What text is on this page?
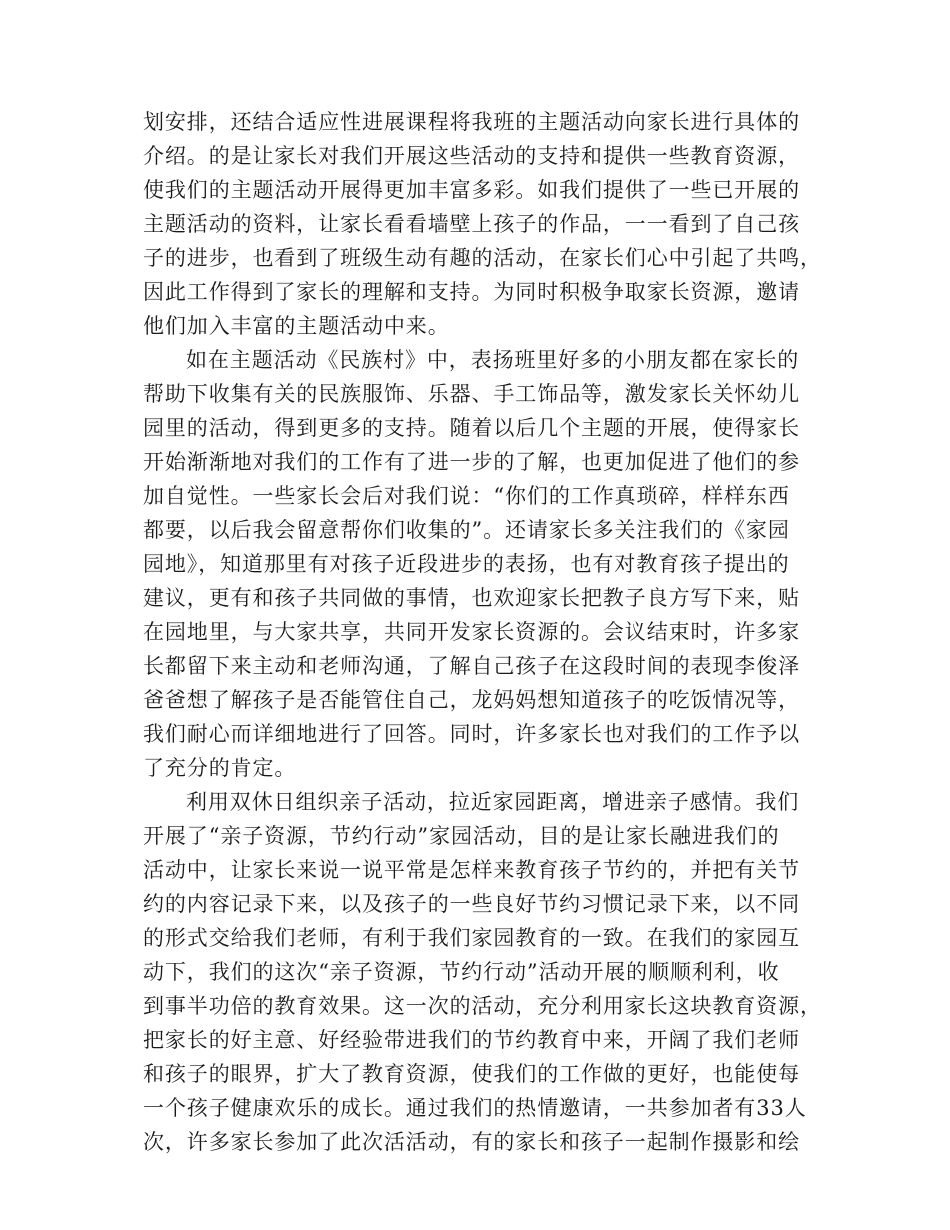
划安排，还结合适应性进展课程将我班的主题活动向家长进行具体的

介绍。的是让家长对我们开展这些活动的支持和提供一些教育资源，

使我们的主题活动开展得更加丰富多彩。如我们提供了一些已开展的

主题活动的资料，让家长看看墙壁上孩子的作品，一一看到了自己孩

子的进步，也看到了班级生动有趣的活动，在家长们心中引起了共鸣，

因此工作得到了家长的理解和支持。为同时积极争取家长资源，邀请

他们加入丰富的主题活动中来。

如在主题活动《民族村》中，表扬班里好多的小朋友都在家长的

帮助下收集有关的民族服饰、乐器、手工饰品等，激发家长关怀幼儿

园里的活动，得到更多的支持。随着以后几个主题的开展，使得家长

开始渐渐地对我们的工作有了进一步的了解，也更加促进了他们的参

加自觉性。一些家长会后对我们说：“你们的工作真琐碎，样样东西

都要，以后我会留意帮你们收集的”。还请家长多关注我们的《家园

园地》，知道那里有对孩子近段进步的表扬，也有对教育孩子提出的

建议，更有和孩子共同做的事情，也欢迎家长把教子良方写下来，贴

在园地里，与大家共享，共同开发家长资源的。会议结束时，许多家

长都留下来主动和老师沟通，了解自己孩子在这段时间的表现李俊泽

爸爸想了解孩子是否能管住自己，龙妈妈想知道孩子的吃饭情况等，

我们耐心而详细地进行了回答。同时，许多家长也对我们的工作予以

了充分的肯定。

利用双休日组织亲子活动，拉近家园距离，增进亲子感情。我们

开展了“亲子资源，节约行动”家园活动，目的是让家长融进我们的

活动中，让家长来说一说平常是怎样来教育孩子节约的，并把有关节

约的内容记录下来，以及孩子的一些良好节约习惯记录下来，以不同

的形式交给我们老师，有利于我们家园教育的一致。在我们的家园互

动下，我们的这次“亲子资源，节约行动”活动开展的顺顺利利，收

到事半功倍的教育效果。这一次的活动，充分利用家长这块教育资源，

把家长的好主意、好经验带进我们的节约教育中来，开阔了我们老师

和孩子的眼界，扩大了教育资源，使我们的工作做的更好，也能使每

一个孩子健康欢乐的成长。通过我们的热情邀请，一共参加者有33人

次，许多家长参加了此次活活动，有的家长和孩子一起制作摄影和绘
